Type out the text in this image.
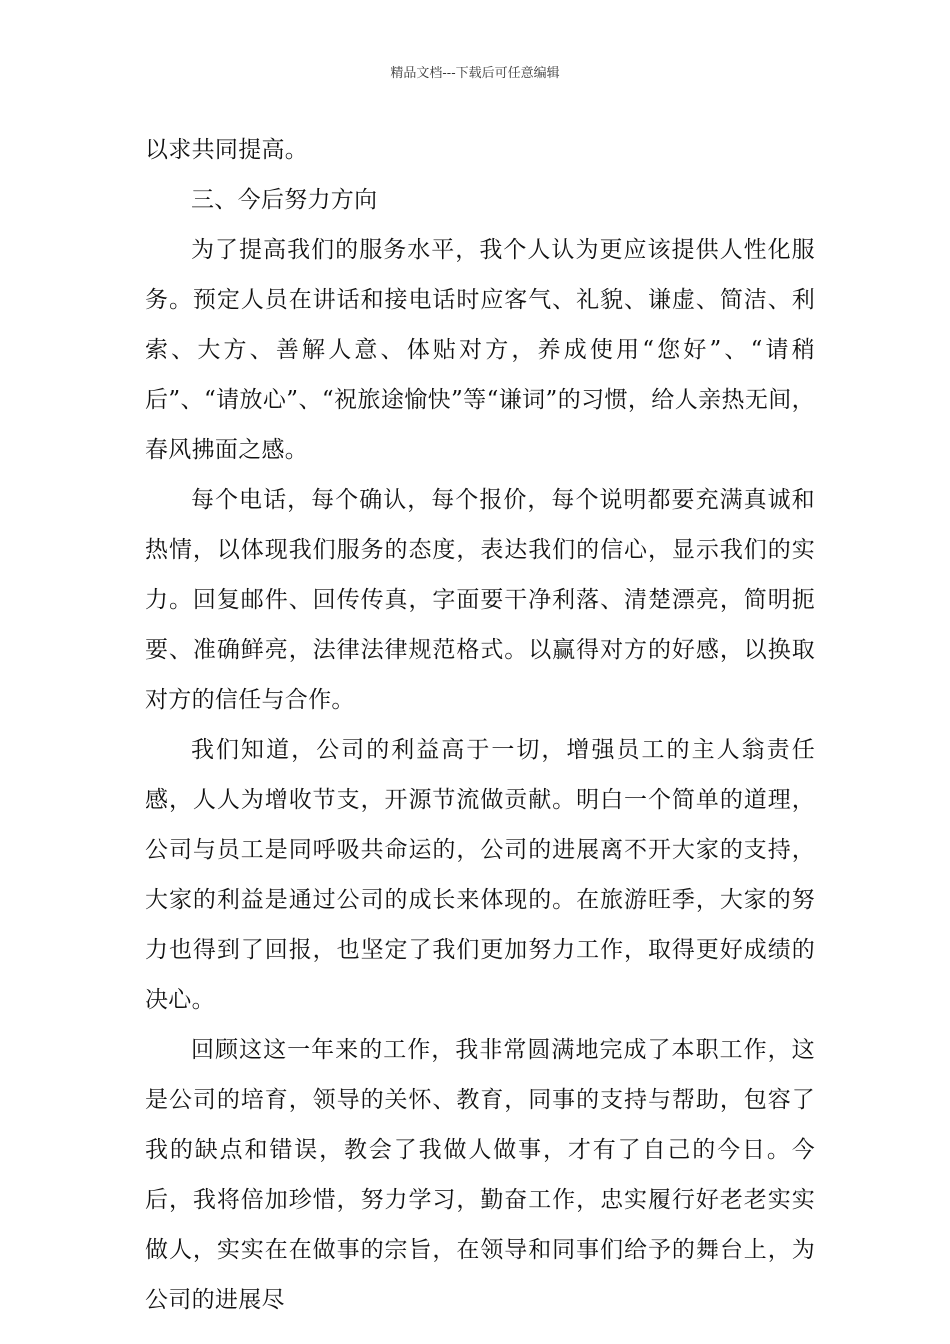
精品文档---下载后可任意编辑

以求共同提高。

三、今后努力方向

为了提高我们的服务水平，我个人认为更应该提供人性化服务。预定人员在讲话和接电话时应客气、礼貌、谦虚、简洁、利索、大方、善解人意、体贴对方，养成使用“您好”、“请稍后”、“请放心”、“祝旅途愉快”等“谦词”的习惯，给人亲热无间，春风拂面之感。

每个电话，每个确认，每个报价，每个说明都要充满真诚和热情，以体现我们服务的态度，表达我们的信心，显示我们的实力。回复邮件、回传传真，字面要干净利落、清楚漂亮，简明扼要、准确鲜亮，法律法律规范格式。以赢得对方的好感，以换取对方的信任与合作。

我们知道，公司的利益高于一切，增强员工的主人翁责任感，人人为增收节支，开源节流做贡献。明白一个简单的道理，公司与员工是同呼吸共命运的，公司的进展离不开大家的支持，大家的利益是通过公司的成长来体现的。在旅游旺季，大家的努力也得到了回报，也坚定了我们更加努力工作，取得更好成绩的决心。

回顾这这一年来的工作，我非常圆满地完成了本职工作，这是公司的培育，领导的关怀、教育，同事的支持与帮助，包容了我的缺点和错误，教会了我做人做事，才有了自己的今日。今后，我将倍加珍惜，努力学习，勤奋工作，忠实履行好老老实实做人，实实在在做事的宗旨，在领导和同事们给予的舞台上，为公司的进展尽
